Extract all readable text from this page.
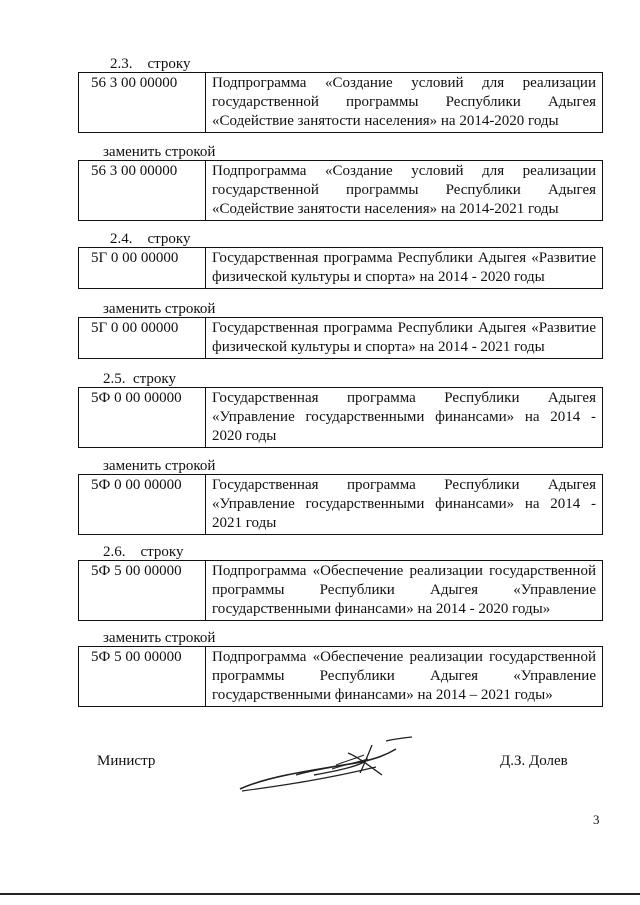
2.3.    строку
56 3 00 00000	Подпрограмма «Создание условий для реализации
государственной программы Республики Адыгея
«Содействие занятости населения» на 2014-2020 годы
заменить строкой
56 3 00 00000	Подпрограмма «Создание условий для реализации
государственной программы Республики Адыгея
«Содействие занятости населения» на 2014-2021 годы
2.4.    строку
5Г 0 00 00000	Государственная программа Республики Адыгея «Развитие
физической культуры и спорта» на 2014 - 2020 годы
заменить строкой
5Г 0 00 00000	Государственная программа Республики Адыгея «Развитие
физической культуры и спорта» на 2014 - 2021 годы
2.5.  строку
5Ф 0 00 00000	Государственная программа Республики Адыгея
«Управление государственными финансами» на 2014 -
2020 годы
заменить строкой
5Ф 0 00 00000	Государственная программа Республики Адыгея
«Управление государственными финансами» на 2014 -
2021 годы
2.6.    строку
5Ф 5 00 00000	Подпрограмма «Обеспечение реализации государственной
программы Республики Адыгея «Управление
государственными финансами» на 2014 - 2020 годы»
заменить строкой
5Ф 5 00 00000	Подпрограмма «Обеспечение реализации государственной
программы Республики Адыгея «Управление
государственными финансами» на 2014 – 2021 годы»
Министр	Д.З. Долев
3
